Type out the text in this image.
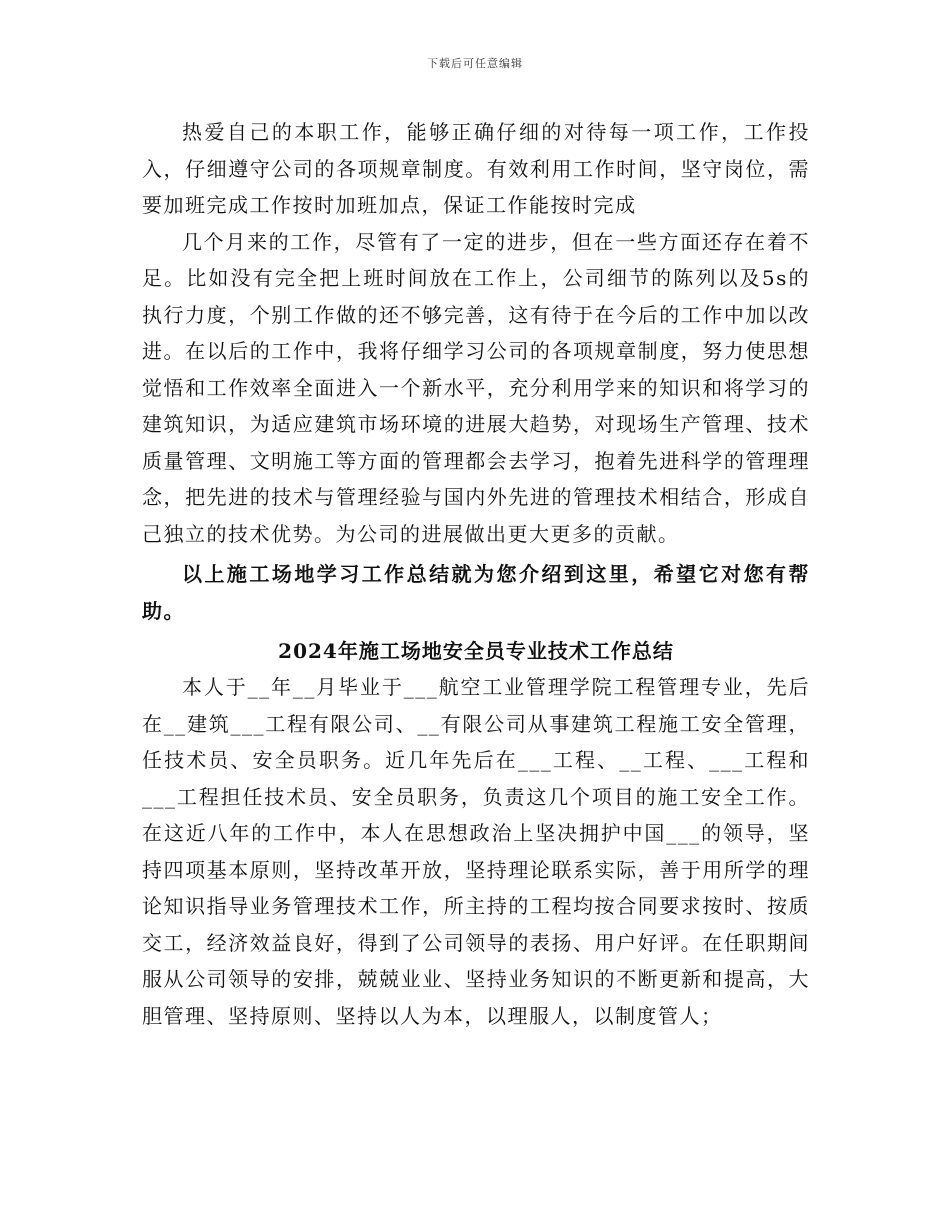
下载后可任意编辑

热爱自己的本职工作，能够正确仔细的对待每一项工作，工作投入，仔细遵守公司的各项规章制度。有效利用工作时间，坚守岗位，需要加班完成工作按时加班加点，保证工作能按时完成

几个月来的工作，尽管有了一定的进步，但在一些方面还存在着不足。比如没有完全把上班时间放在工作上，公司细节的陈列以及5s的执行力度，个别工作做的还不够完善，这有待于在今后的工作中加以改进。在以后的工作中，我将仔细学习公司的各项规章制度，努力使思想觉悟和工作效率全面进入一个新水平，充分利用学来的知识和将学习的建筑知识，为适应建筑市场环境的进展大趋势，对现场生产管理、技术质量管理、文明施工等方面的管理都会去学习，抱着先进科学的管理理念，把先进的技术与管理经验与国内外先进的管理技术相结合，形成自己独立的技术优势。为公司的进展做出更大更多的贡献。

以上施工场地学习工作总结就为您介绍到这里，希望它对您有帮助。

2024年施工场地安全员专业技术工作总结

本人于__年__月毕业于___航空工业管理学院工程管理专业，先后在__建筑___工程有限公司、__有限公司从事建筑工程施工安全管理，任技术员、安全员职务。近几年先后在___工程、__工程、___工程和___工程担任技术员、安全员职务，负责这几个项目的施工安全工作。在这近八年的工作中，本人在思想政治上坚决拥护中国___的领导，坚持四项基本原则，坚持改革开放，坚持理论联系实际，善于用所学的理论知识指导业务管理技术工作，所主持的工程均按合同要求按时、按质交工，经济效益良好，得到了公司领导的表扬、用户好评。在任职期间服从公司领导的安排，兢兢业业、坚持业务知识的不断更新和提高，大胆管理、坚持原则、坚持以人为本，以理服人，以制度管人；
